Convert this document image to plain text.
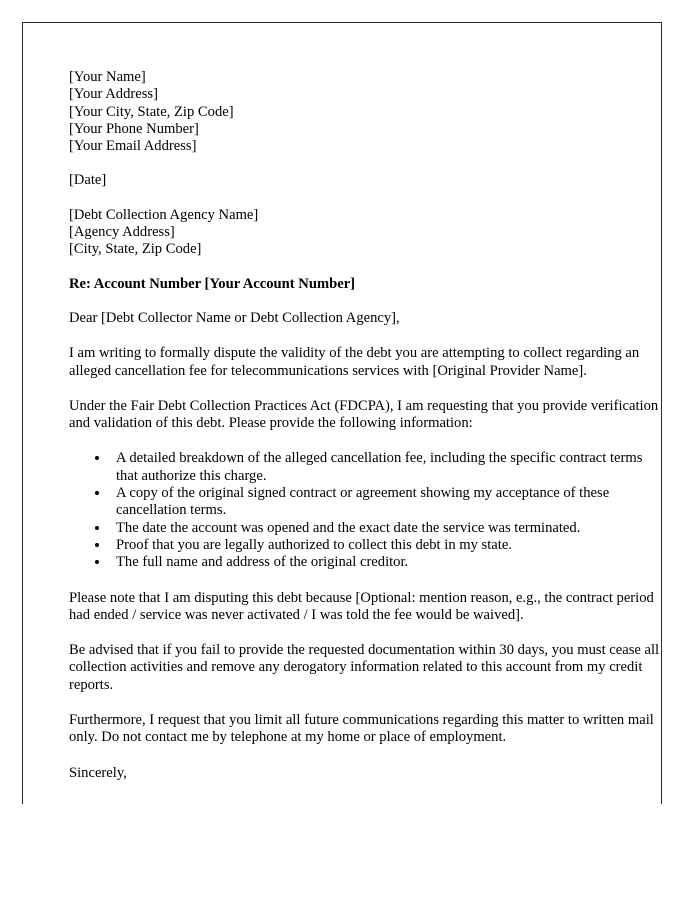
[Your Name]
[Your Address]
[Your City, State, Zip Code]
[Your Phone Number]
[Your Email Address]
[Date]
[Debt Collection Agency Name]
[Agency Address]
[City, State, Zip Code]
Re: Account Number [Your Account Number]
Dear [Debt Collector Name or Debt Collection Agency],

I am writing to formally dispute the validity of the debt you are attempting to collect regarding an alleged cancellation fee for telecommunications services with [Original Provider Name].

Under the Fair Debt Collection Practices Act (FDCPA), I am requesting that you provide verification and validation of this debt. Please provide the following information:

• A detailed breakdown of the alleged cancellation fee, including the specific contract terms that authorize this charge.
• A copy of the original signed contract or agreement showing my acceptance of these cancellation terms.
• The date the account was opened and the exact date the service was terminated.
• Proof that you are legally authorized to collect this debt in my state.
• The full name and address of the original creditor.

Please note that I am disputing this debt because [Optional: mention reason, e.g., the contract period had ended / service was never activated / I was told the fee would be waived].

Be advised that if you fail to provide the requested documentation within 30 days, you must cease all collection activities and remove any derogatory information related to this account from my credit reports.

Furthermore, I request that you limit all future communications regarding this matter to written mail only. Do not contact me by telephone at my home or place of employment.

Sincerely,
